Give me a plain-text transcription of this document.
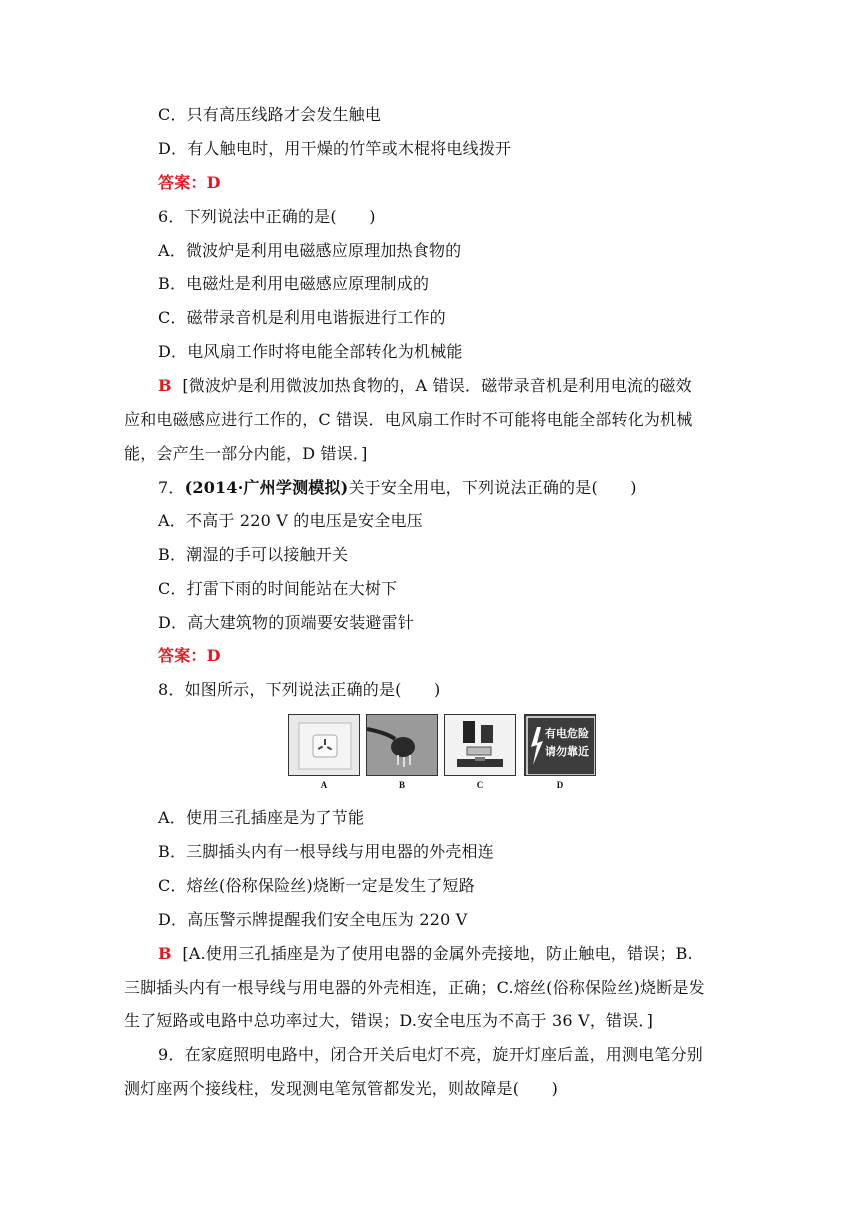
C．只有高压线路才会发生触电
D．有人触电时，用干燥的竹竿或木棍将电线拨开
答案：D
6．下列说法中正确的是(　　)
A．微波炉是利用电磁感应原理加热食物的
B．电磁灶是利用电磁感应原理制成的
C．磁带录音机是利用电谐振进行工作的
D．电风扇工作时将电能全部转化为机械能
B [微波炉是利用微波加热食物的，A 错误．磁带录音机是利用电流的磁效
应和电磁感应进行工作的，C 错误．电风扇工作时不可能将电能全部转化为机械
能，会产生一部分内能，D 错误．]
7．(2014·广州学测模拟)关于安全用电，下列说法正确的是(　　)
A．不高于 220 V 的电压是安全电压
B．潮湿的手可以接触开关
C．打雷下雨的时间能站在大树下
D．高大建筑物的顶端要安装避雷针
答案：D
8．如图所示，下列说法正确的是(　　)
有电危险
请勿靠近
A	B	C	D
A．使用三孔插座是为了节能
B．三脚插头内有一根导线与用电器的外壳相连
C．熔丝(俗称保险丝)烧断一定是发生了短路
D．高压警示牌提醒我们安全电压为 220 V
B [A.使用三孔插座是为了使用电器的金属外壳接地，防止触电，错误；B.
三脚插头内有一根导线与用电器的外壳相连，正确；C.熔丝(俗称保险丝)烧断是发
生了短路或电路中总功率过大，错误；D.安全电压为不高于 36 V，错误．]
9．在家庭照明电路中，闭合开关后电灯不亮，旋开灯座后盖，用测电笔分别
测灯座两个接线柱，发现测电笔氖管都发光，则故障是(　　)
